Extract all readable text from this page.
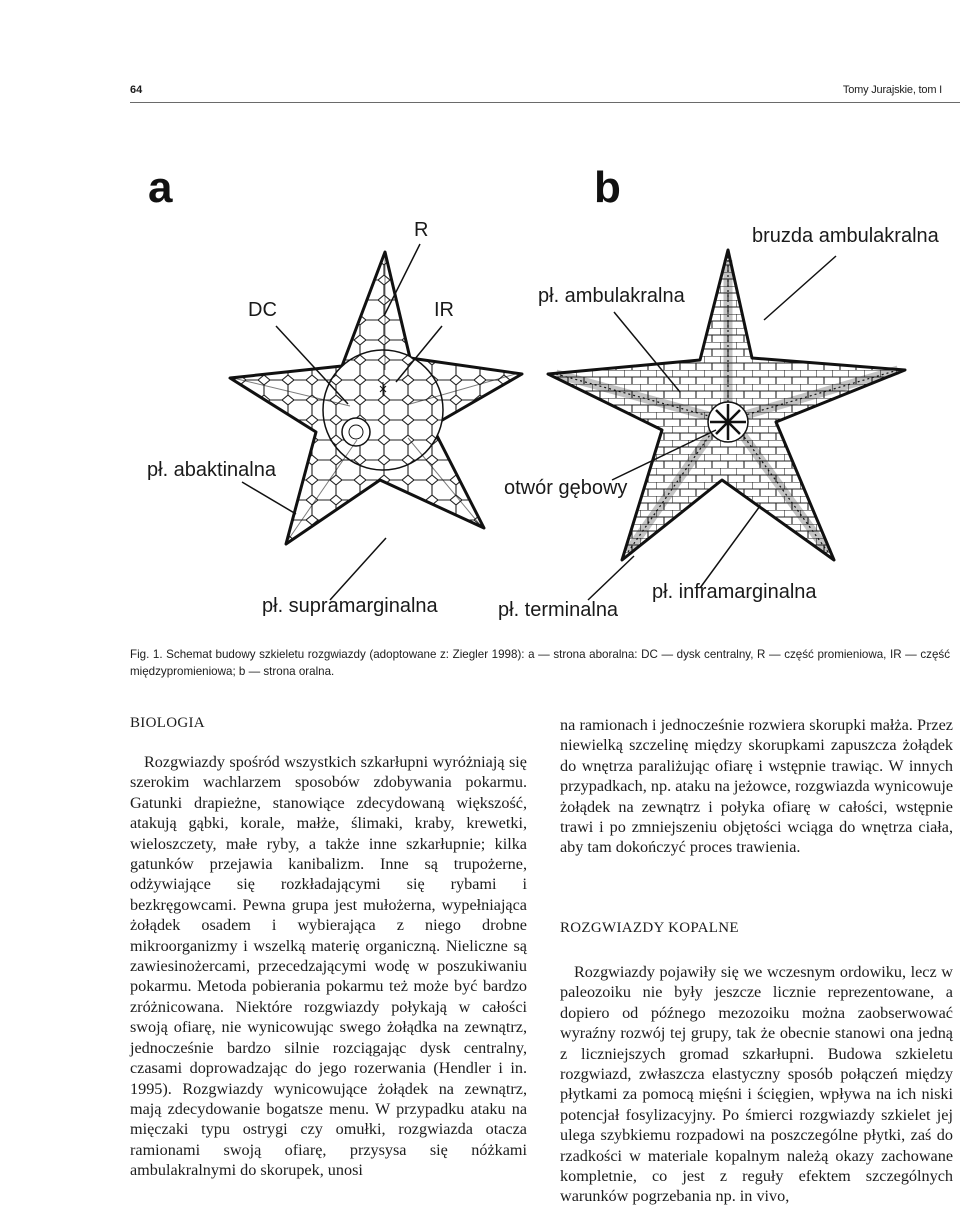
64	Tomy Jurajskie, tom I
a	b
R
DC	IR
pł. abaktinalna
pł. supramarginalna
bruzda ambulakralna
pł. ambulakralna
otwór gębowy
pł. terminalna
pł. inframarginalna
Fig. 1. Schemat budowy szkieletu rozgwiazdy (adoptowane z: Ziegler 1998): a — strona aboralna: DC — dysk centralny, R — część promieniowa, IR — część międzypromieniowa; b — strona oralna.
BIOLOGIA

Rozgwiazdy spośród wszystkich szkarłupni wyróżniają się szerokim wachlarzem sposobów zdobywania pokarmu. Gatunki drapieżne, stanowiące zdecydowaną większość, atakują gąbki, korale, małże, ślimaki, kraby, krewetki, wieloszczety, małe ryby, a także inne szkarłupnie; kilka gatunków przejawia kanibalizm. Inne są trupożerne, odżywiające się rozkładającymi się rybami i bezkręgowcami. Pewna grupa jest mułożerna, wypełniająca żołądek osadem i wybierająca z niego drobne mikroorganizmy i wszelką materię organiczną. Nieliczne są zawiesinożercami, przecedzającymi wodę w poszukiwaniu pokarmu. Metoda pobierania pokarmu też może być bardzo zróżnicowana. Niektóre rozgwiazdy połykają w całości swoją ofiarę, nie wynicowując swego żołądka na zewnątrz, jednocześnie bardzo silnie rozciągając dysk centralny, czasami doprowadzając do jego rozerwania (Hendler i in. 1995). Rozgwiazdy wynicowujące żołądek na zewnątrz, mają zdecydowanie bogatsze menu. W przypadku ataku na mięczaki typu ostrygi czy omułki, rozgwiazda otacza ramionami swoją ofiarę, przysysa się nóżkami ambulakralnymi do skorupek, unosi

na ramionach i jednocześnie rozwiera skorupki małża. Przez niewielką szczelinę między skorupkami zapuszcza żołądek do wnętrza paraliżując ofiarę i wstępnie trawiąc. W innych przypadkach, np. ataku na jeżowce, rozgwiazda wynicowuje żołądek na zewnątrz i połyka ofiarę w całości, wstępnie trawi i po zmniejszeniu objętości wciąga do wnętrza ciała, aby tam dokończyć proces trawienia.

ROZGWIAZDY KOPALNE

Rozgwiazdy pojawiły się we wczesnym ordowiku, lecz w paleozoiku nie były jeszcze licznie reprezentowane, a dopiero od późnego mezozoiku można zaobserwować wyraźny rozwój tej grupy, tak że obecnie stanowi ona jedną z liczniejszych gromad szkarłupni. Budowa szkieletu rozgwiazd, zwłaszcza elastyczny sposób połączeń między płytkami za pomocą mięśni i ścięgien, wpływa na ich niski potencjał fosylizacyjny. Po śmierci rozgwiazdy szkielet jej ulega szybkiemu rozpadowi na poszczególne płytki, zaś do rzadkości w materiale kopalnym należą okazy zachowane kompletnie, co jest z reguły efektem szczególnych warunków pogrzebania np. in vivo,
